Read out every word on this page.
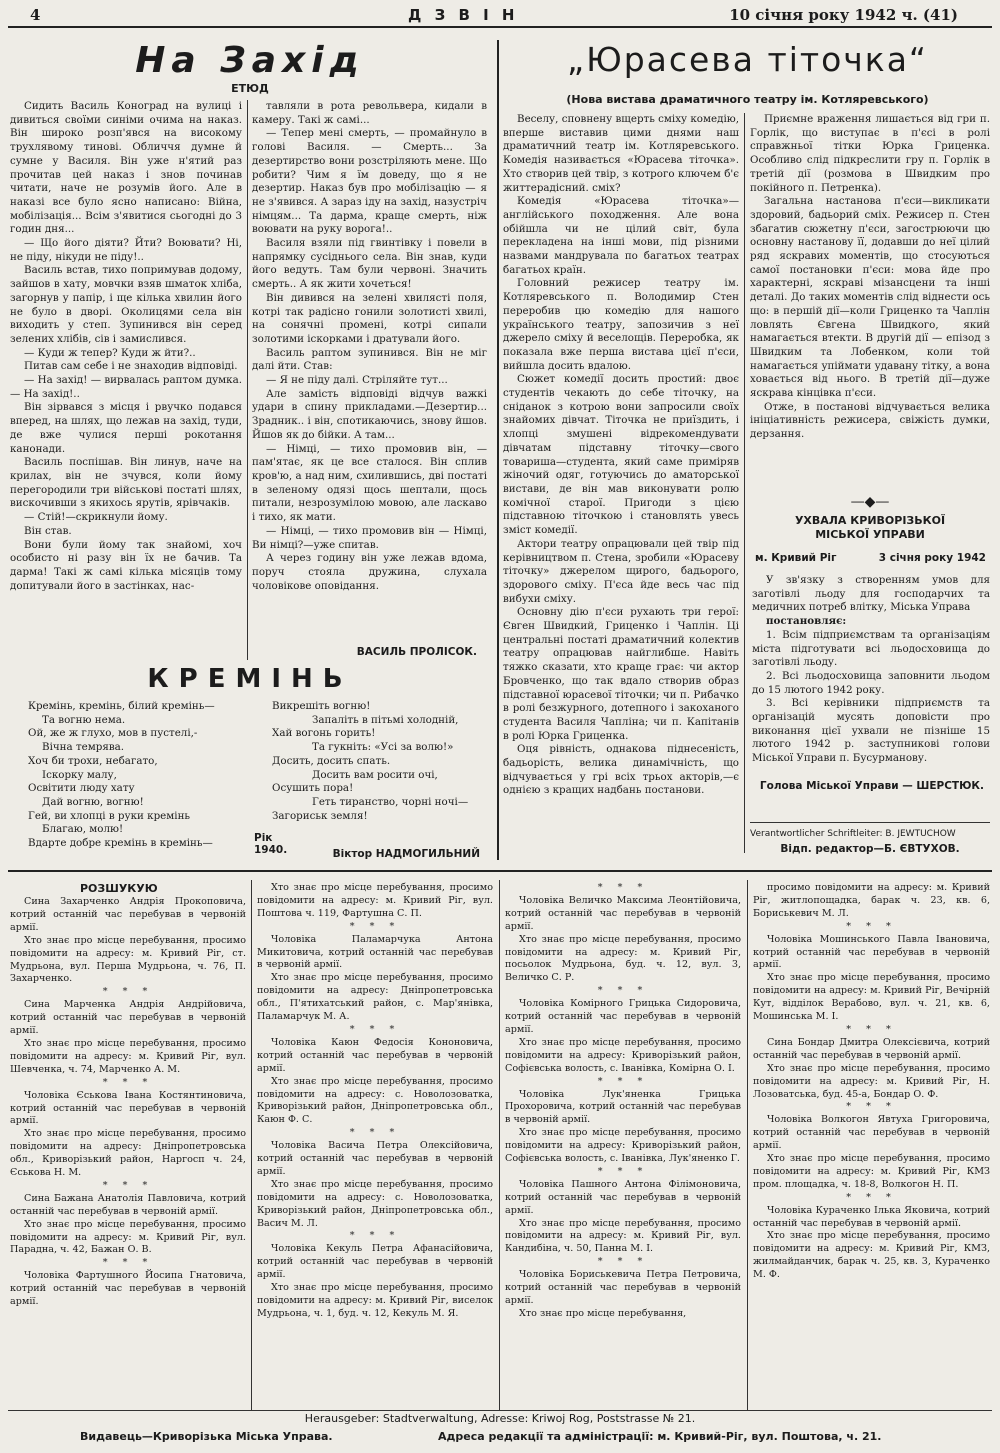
4	Д З В І Н	10 січня року 1942 ч. (41)
На Захід
ЕТЮД

Сидить Василь Коноград на вулиці і дивиться своїми синіми очима на наказ. Він широко розп'явся на високому трухлявому тиновi. Обличчя думне й сумне у Василя. Він уже н'ятий раз прочитав цей наказ і знов починав читати, наче не розумів його. Але в наказі все було ясно написано: Війна, мобілізація... Всім з'явитися сьогодні до 3 годин дня...

— Що його діяти? Йти? Воювати? Ні, не піду, нікуди не піду!..

Василь встав, тихо попримував додому, зайшов в хату, мовчки взяв шматок хліба, загорнув у папір, і ще кілька хвилин його не було в дворі. Околицями села він виходить у степ. Зупинився він серед зелених хлібів, сів і замислився.

— Куди ж тепер? Куди ж йти?..

Питав сам себе і не знаходив відповіді.

— На захід! — вирвалась раптом думка.— На захід!..

Він зірвався з місця і рвучко подався вперед, на шлях, що лежав на захід, туди, де вже чулися перші рокотання канонади.

Василь поспішав. Він линув, наче на крилах, він не зчувся, коли йому перегородили три військові постаті шлях, вискочивши з якихось ярутів, ярівчаків.

— Стій!—скрикнули йому.

Він став.

Вони були йому так знайомі, хоч особисто ні разу він їх не бачив. Та дарма! Такі ж самі кілька місяців тому допитували його в застінках, нас-

тавляли в рота револьвера, кидали в камеру. Такі ж самі...

— Тепер мені смерть, — промайнуло в голові Василя. — Смерть... За дезертирство вони розстріляють мене. Що робити? Чим я їм доведу, що я не дезертир. Наказ був про мобілізацію — я не з'явився. А зараз іду на захід, назустріч німцям... Та дарма, краще смерть, ніж воювати на руку ворога!..

Василя взяли під гвинтівку і повели в напрямку сусіднього села. Він знав, куди його ведуть. Там були червоні. Значить смерть.. А як жити хочеться!

Він дивився на зелені хвилясті поля, котрі так радісно гонили золотисті хвилі, на сонячні промені, котрі сипали золотими іскорками і дратували його.

Василь раптом зупинився. Він не міг далі йти. Став:

— Я не піду далі. Стріляйте тут...

Але замість відповіді відчув важкі удари в спину прикладами.—Дезертир... Зрадник.. і він, спотикаючись, знову йшов. Йшов як до бійки. А там...

— Німці, — тихо промовив він, — пам'ятає, як це все сталося. Він сплив кров'ю, а над ним, схилившись, дві постаті в зеленому одязі щось шептали, щось питали, незрозумілою мовою, але ласкаво і тихо, як мати.

— Німці, — тихо промовив він — Німці, Ви німці?—уже спитав.

А через годину він уже лежав вдома, поруч стояла дружина, слухала чоловікове оповідання.

ВАСИЛЬ ПРОЛІСОК.
КРЕМІНЬ

Кремінь, кремінь, білий кремінь—

Та вогню нема.

Ой, же ж глухо, мов в пустелі,-

Вічна темрява.

Хоч би трохи, небагато,

Іскорку малу,

Освітити люду хату

Дай вогню, вогню!

Гей, ви хлопці в руки кремінь

Благаю, молю!

Вдарте добре кремінь в кремінь—

Викрешіть вогню!

Запаліть в пітьмі холодній,

Хай вогонь горить!

Та гукніть: «Усі за волю!»

Досить, досить спать.

Досить вам росити очі,

Осушить пора!

Геть тиранство, чорні ночі—

Загориськ земля!

Рік 1940.	Віктор НАДМОГИЛЬНИЙ
„Юрасева тіточка“
(Нова вистава драматичного театру ім. Котляревського)

Веселу, сповнену вщерть сміху комедію, вперше виставив цими днями наш драматичний театр ім. Котляревського. Комедія називається «Юрасева тіточка». Хто створив цей твір, з котрого ключем б'є життерадісний. сміх?

Комедія «Юрасева тіточка»—англійського походження. Але вона обійшла чи не цілий світ, була перекладена на інші мови, під різними назвами мандрувала по багатьох театрах багатьох країн.

Головний режисер театру ім. Котляревського п. Володимир Стен переробив цю комедію для нашого українського театру, запозичив з неї джерело сміху й веселощів. Переробка, як показала вже перша вистава цієї п'єси, вийшла досить вдалою.

Сюжет комедії досить простий: двоє студентів чекають до себе тіточку, на сніданок з котрою вони запросили своїх знайомих дівчат. Тіточка не приїздить, і хлопці змушені відрекомендувати дівчатам підставну тіточку—свого товариша—студента, який саме приміряв жіночий одяг, готуючись до аматорської вистави, де він мав виконувати ролю комічної старої. Пригоди з цією підставною тіточкою і становлять увесь зміст комедії.

Актори театру опрацювали цей твір під керівництвом п. Стена, зробили «Юрасеву тіточку» джерелом щирого, бадьорого, здорового сміху. П'єса йде весь час під вибухи сміху.

Основну дію п'єси рухають три герої: Євген Швидкий, Гриценко і Чаплін. Ці центральні постаті драматичний колектив театру опрацював найглибше. Навіть тяжко сказати, хто краще грає: чи актор Бровченко, що так вдало створив образ підставної юрасевої тіточки; чи п. Рибачко в ролі безжурного, дотепного і закоханого студента Василя Чапліна; чи п. Капітанів в ролі Юрка Гриценка.

Оця рівність, однакова піднесеність, бадьорість, велика динамічність, що відчувається у грі всіх трьох акторів,—є однією з кращих надбань постанови.

Приємне враження лишається від гри п. Горлік, що виступає в п'єсі в ролі справжньої тітки Юрка Гриценка. Особливо слід підкреслити гру п. Горлік в третій дії (розмова в Швидким про покійного п. Петренка).

Загальна настанова п'єси—викликати здоровий, бадьорий сміх. Режисер п. Стен збагатив сюжетну п'єси, загострюючи цю основну настанову її, додавши до неї цілий ряд яскравих моментів, що стосуються самої постановки п'єси: мова йде про характерні, яскраві мізансцени та інші деталі. До таких моментів слід віднести ось що: в першій дії—коли Гриценко та Чаплін ловлять Євгена Швидкого, який намагається втекти. В другій дії — епізод з Швидким та Лобенком, коли той намагається упіймати удавану тітку, а вона ховається від нього. В третій дії—дуже яскрава кінцівка п'єси.

Отже, в постанові відчувається велика ініціативність режисера, свіжість думки, дерзання.

—◆—
УХВАЛА КРИВОРІЗЬКОЇ
МІСЬКОЇ УПРАВИ
м. Кривий Ріг	3 січня року 1942

У зв'язку з створенням умов для заготівлі льоду для господарчих та медичних потреб влітку, Міська Управа

постановляє:

1. Всім підприємствам та організаціям міста підготувати всі льодосховища до заготівлі льоду.

2. Всі льодосховища заповнити льодом до 15 лютого 1942 року.

3. Всі керівники підприємств та організацій мусять доповісти про виконання цієї ухвали не пізніше 15 лютого 1942 р. заступникові голови Міської Управи п. Бусурманову.

Голова Міської Управи — ШЕРСТЮК.
Verantwortlicher Schriftleiter: B. JEWTUCHOW
Відп. редактор—Б. ЄВТУХОВ.
РОЗШУКУЮ

Сина Захарченко Андрія Прокоповича, котрий останній час перебував в червоній армії.

Хто знає про місце перебування, просимо повідомити на адресу: м. Кривий Ріг, ст. Мудрьона, вул. Перша Мудрьона, ч. 76, П. Захарченко.

* * *

Сина Марченка Андрія Андрійовича, котрий останній час перебував в червоній армії.

Хто знає про місце перебування, просимо повідомити на адресу: м. Кривий Ріг, вул. Шевченка, ч. 74, Марченко А. М.

* * *

Чоловіка Єськова Івана Костянтиновича, котрий останній час перебував в червоній армії.

Хто знає про місце перебування, просимо повідомити на адресу: Дніпропетровська обл., Криворізький район, Наргосп ч. 24, Єськова Н. М.

* * *

Сина Бажана Анатолія Павловича, котрий останній час перебував в червоній армії.

Хто знає про місце перебування, просимо повідомити на адресу: м. Кривий Ріг, вул. Парадна, ч. 42, Бажан О. В.

* * *

Чоловіка Фартушного Йосипа Гнатовича, котрий останній час перебував в червоній армії.

Хто знає про місце перебування, просимо повідомити на адресу: м. Кривий Ріг, вул. Поштова ч. 119, Фартушна С. П.

* * *

Чоловіка Паламарчука Антона Микитовича, котрий останній час перебував в червоній армії.

Хто знає про місце перебування, просимо повідомити на адресу: Дніпропетровська обл., П'ятихатський район, с. Мар'янівка, Паламарчук М. А.

* * *

Чоловіка Каюн Федосія Кононовича, котрий останній час перебував в червоній армії.

Хто знає про місце перебування, просимо повідомити на адресу: с. Новолозоватка, Криворізький район, Дніпропетровська обл., Каюн Ф. С.

* * *

Чоловіка Васича Петра Олексійовича, котрий останній час перебував в червоній армії.

Хто знає про місце перебування, просимо повідомити на адресу: с. Новолозоватка, Криворізький район, Дніпропетровська обл., Васич М. Л.

* * *

Чоловіка Кекуль Петра Афанасійовича, котрий останній час перебував в червоній армії.

Хто знає про місце перебування, просимо повідомити на адресу: м. Кривий Ріг, виселок Мудрьона, ч. 1, буд. ч. 12, Кекуль М. Я.

* * *

Чоловіка Величко Максима Леонтійовича, котрий останній час перебував в червоній армії.

Хто знає про місце перебування, просимо повідомити на адресу: м. Кривий Ріг, посьолок Мудрьона, буд. ч. 12, вул. 3, Величко С. Р.

* * *

Чоловіка Комірного Грицька Сидоровича, котрий останній час перебував в червоній армії.

Хто знає про місце перебування, просимо повідомити на адресу: Криворізький район, Софієвська волость, с. Іванівка, Комірна О. І.

* * *

Чоловіка Лук'яненка Грицька Прохоровича, котрий останній час перебував в червоній армії.

Хто знає про місце перебування, просимо повідомити на адресу: Криворізький район, Софієвська волость, с. Іванівка, Лук'яненко Г.

* * *

Чоловіка Пашного Антона Філімоновича, котрий останній час перебував в червоній армії.

Хто знає про місце перебування, просимо повідомити на адресу: м. Кривий Ріг, вул. Кандибіна, ч. 50, Панна М. І.

* * *

Чоловіка Бориськевича Петра Петровича, котрий останній час перебував в червоній армії.

Хто знає про місце перебування,

просимо повідомити на адресу: м. Кривий Ріг, житлопощадка, барак ч. 23, кв. 6, Бориськевич М. Л.

* * *

Чоловіка Мошинського Павла Івановича, котрий останній час перебував в червоній армії.

Хто знає про місце перебування, просимо повідомити на адресу: м. Кривий Ріг, Вечірній Кут, відділок Верабово, вул. ч. 21, кв. 6, Мошинська М. І.

* * *

Сина Бондар Дмитра Олексієвича, котрий останній час перебував в червоній армії.

Хто знає про місце перебування, просимо повідомити на адресу: м. Кривий Ріг, Н. Лозоватська, буд. 45-а, Бондар О. Ф.

* * *

Чоловіка Волкогон Явтуха Григоровича, котрий останній час перебував в червоній армії.

Хто знає про місце перебування, просимо повідомити на адресу: м. Кривий Ріг, КМЗ пром. площадка, ч. 18-8, Волкогон Н. П.

* * *

Чоловіка Кураченко Ілька Яковича, котрий останній час перебував в червоній армії.

Хто знає про місце перебування, просимо повідомити на адресу: м. Кривий Ріг, КМЗ, жилмайданчик, барак ч. 25, кв. 3, Кураченко М. Ф.

Herausgeber: Stadtverwaltung, Adresse: Kriwoj Rog, Poststrasse № 21.
Видавець—Криворізька Міська Управа.	Адреса редакції та адміністрації: м. Кривий-Ріг, вул. Поштова, ч. 21.
